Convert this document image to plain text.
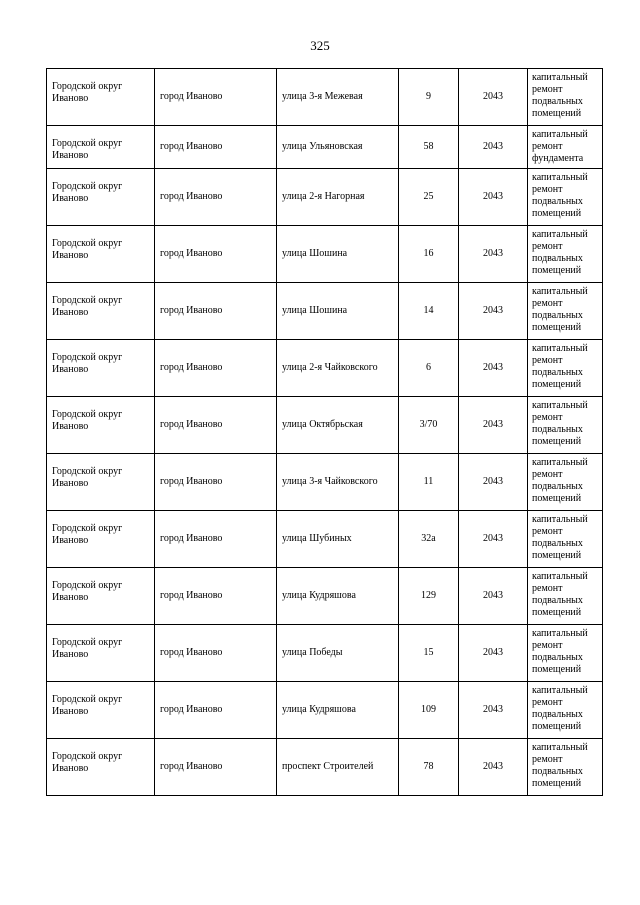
325
Городской округ Иваново	город Иваново	улица 3-я Межевая	9	2043	капитальный ремонт подвальных помещений
Городской округ Иваново	город Иваново	улица Ульяновская	58	2043	капитальный ремонт фундамента
Городской округ Иваново	город Иваново	улица 2-я Нагорная	25	2043	капитальный ремонт подвальных помещений
Городской округ Иваново	город Иваново	улица Шошина	16	2043	капитальный ремонт подвальных помещений
Городской округ Иваново	город Иваново	улица Шошина	14	2043	капитальный ремонт подвальных помещений
Городской округ Иваново	город Иваново	улица 2-я Чайковского	6	2043	капитальный ремонт подвальных помещений
Городской округ Иваново	город Иваново	улица Октябрьская	3/70	2043	капитальный ремонт подвальных помещений
Городской округ Иваново	город Иваново	улица 3-я Чайковского	11	2043	капитальный ремонт подвальных помещений
Городской округ Иваново	город Иваново	улица Шубиных	32а	2043	капитальный ремонт подвальных помещений
Городской округ Иваново	город Иваново	улица Кудряшова	129	2043	капитальный ремонт подвальных помещений
Городской округ Иваново	город Иваново	улица Победы	15	2043	капитальный ремонт подвальных помещений
Городской округ Иваново	город Иваново	улица Кудряшова	109	2043	капитальный ремонт подвальных помещений
Городской округ Иваново	город Иваново	проспект Строителей	78	2043	капитальный ремонт подвальных помещений
